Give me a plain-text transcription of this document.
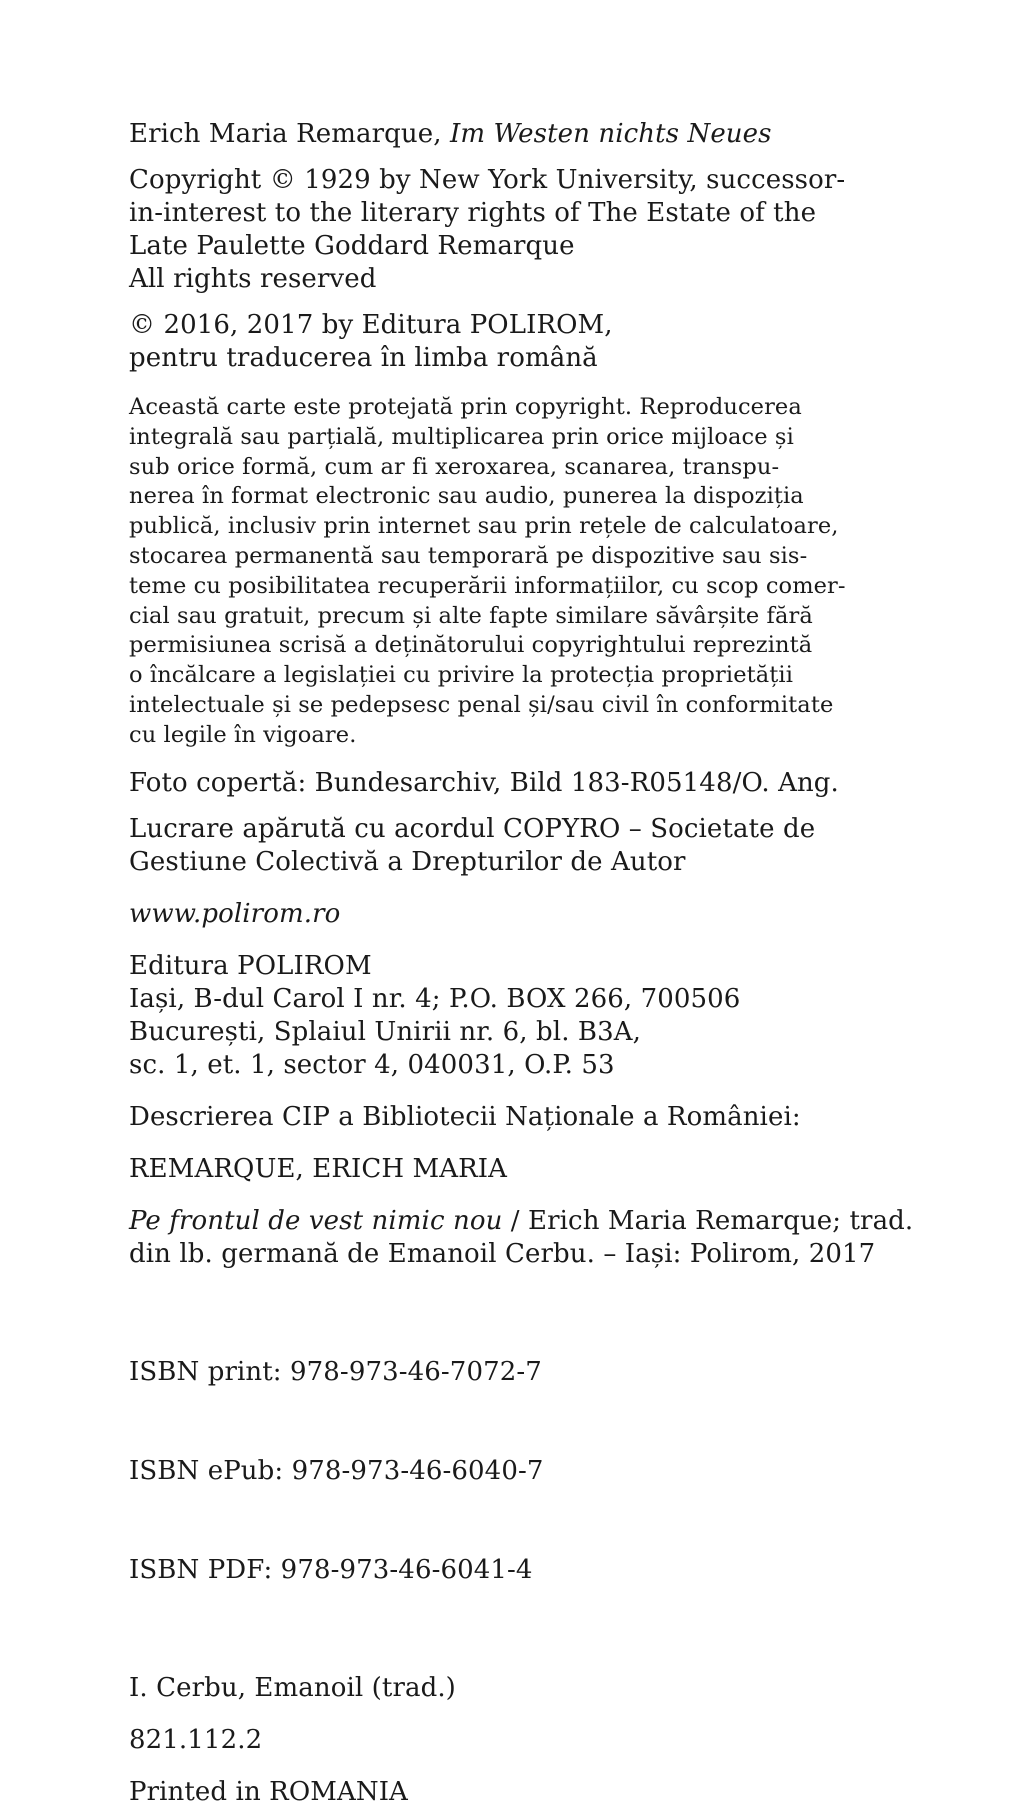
Erich Maria Remarque, Im Westen nichts Neues

Copyright © 1929 by New York University, successor-
in-interest to the literary rights of The Estate of the
Late Paulette Goddard Remarque
All rights reserved

© 2016, 2017 by Editura POLIROM,
pentru traducerea în limba română

Această carte este protejată prin copyright. Reproducerea
integrală sau parțială, multiplicarea prin orice mijloace și
sub orice formă, cum ar fi xeroxarea, scanarea, transpu-
nerea în format electronic sau audio, punerea la dispoziția
publică, inclusiv prin internet sau prin rețele de calculatoare,
stocarea permanentă sau temporară pe dispozitive sau sis-
teme cu posibilitatea recuperării informațiilor, cu scop comer-
cial sau gratuit, precum și alte fapte similare săvârșite fără
permisiunea scrisă a deținătorului copyrightului reprezintă
o încălcare a legislației cu privire la protecția proprietății
intelectuale și se pedepsesc penal și/sau civil în conformitate
cu legile în vigoare.

Foto copertă: Bundesarchiv, Bild 183-R05148/O. Ang.

Lucrare apărută cu acordul COPYRO – Societate de
Gestiune Colectivă a Drepturilor de Autor

www.polirom.ro

Editura POLIROM
Iași, B-dul Carol I nr. 4; P.O. BOX 266, 700506
București, Splaiul Unirii nr. 6, bl. B3A,
sc. 1, et. 1, sector 4, 040031, O.P. 53

Descrierea CIP a Bibliotecii Naționale a României:

REMARQUE, ERICH MARIA

Pe frontul de vest nimic nou / Erich Maria Remarque; trad.
din lb. germană de Emanoil Cerbu. – Iași: Polirom, 2017

ISBN print: 978-973-46-7072-7

ISBN ePub: 978-973-46-6040-7

ISBN PDF: 978-973-46-6041-4

I. Cerbu, Emanoil (trad.)

821.112.2

Printed in ROMANIA
